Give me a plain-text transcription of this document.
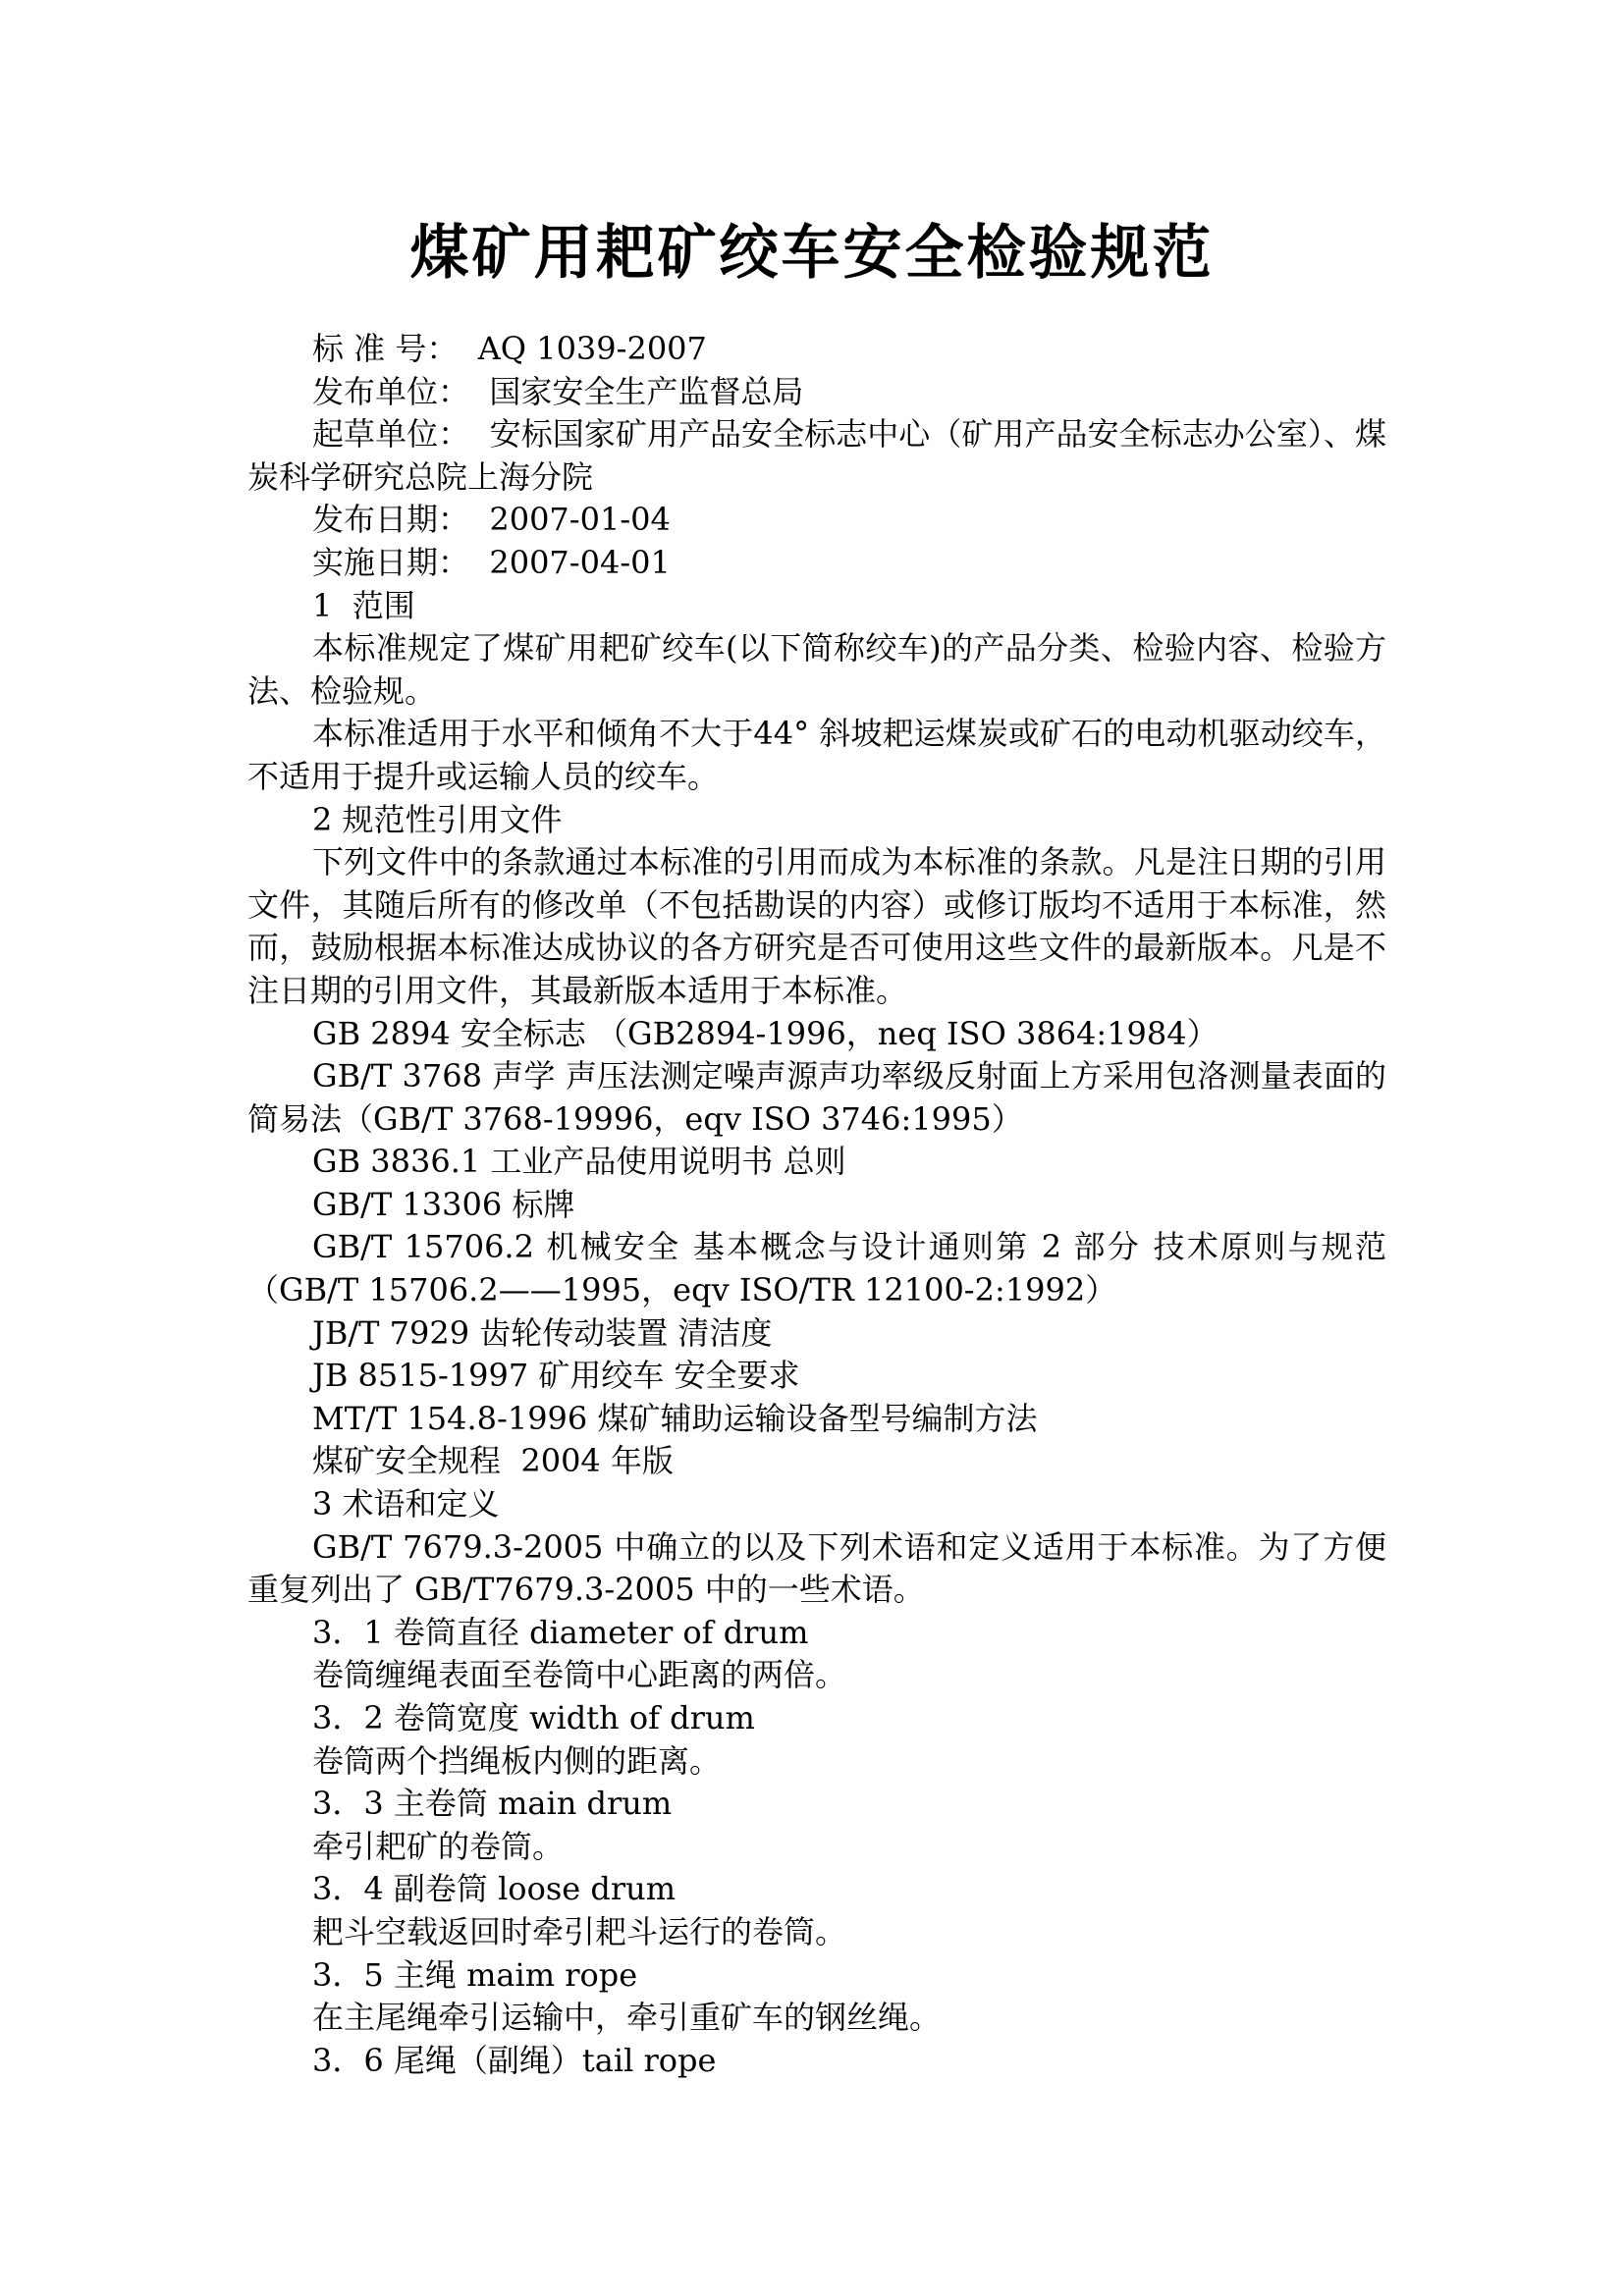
煤矿用耙矿绞车安全检验规范

标 准 号：  AQ 1039-2007

发布单位：  国家安全生产监督总局

起草单位：  安标国家矿用产品安全标志中心（矿用产品安全标志办公室）、煤炭科学研究总院上海分院

发布日期：  2007-01-04

实施日期：  2007-04-01

1  范围

本标准规定了煤矿用耙矿绞车(以下简称绞车)的产品分类、检验内容、检验方法、检验规。

本标准适用于水平和倾角不大于44° 斜坡耙运煤炭或矿石的电动机驱动绞车，不适用于提升或运输人员的绞车。

2 规范性引用文件

下列文件中的条款通过本标准的引用而成为本标准的条款。凡是注日期的引用文件，其随后所有的修改单（不包括勘误的内容）或修订版均不适用于本标准，然而，鼓励根据本标准达成协议的各方研究是否可使用这些文件的最新版本。凡是不注日期的引用文件，其最新版本适用于本标准。

GB 2894 安全标志 （GB2894-1996，neq ISO 3864:1984）

GB/T 3768 声学 声压法测定噪声源声功率级反射面上方采用包洛测量表面的简易法（GB/T 3768-19996，eqv ISO 3746:1995）

GB 3836.1 工业产品使用说明书 总则

GB/T 13306 标牌

GB/T 15706.2 机械安全 基本概念与设计通则第 2 部分 技术原则与规范（GB/T 15706.2——1995，eqv ISO/TR 12100-2:1992）

JB/T 7929 齿轮传动装置 清洁度

JB 8515-1997 矿用绞车 安全要求

MT/T 154.8-1996 煤矿辅助运输设备型号编制方法

煤矿安全规程  2004 年版

3 术语和定义

GB/T 7679.3-2005 中确立的以及下列术语和定义适用于本标准。为了方便重复列出了 GB/T7679.3-2005 中的一些术语。

3．1 卷筒直径 diameter of drum

卷筒缠绳表面至卷筒中心距离的两倍。

3．2 卷筒宽度 width of drum

卷筒两个挡绳板内侧的距离。

3．3 主卷筒 main drum

牵引耙矿的卷筒。

3．4 副卷筒 loose drum

耙斗空载返回时牵引耙斗运行的卷筒。

3．5 主绳 maim rope

在主尾绳牵引运输中，牵引重矿车的钢丝绳。

3．6 尾绳（副绳）tail rope
